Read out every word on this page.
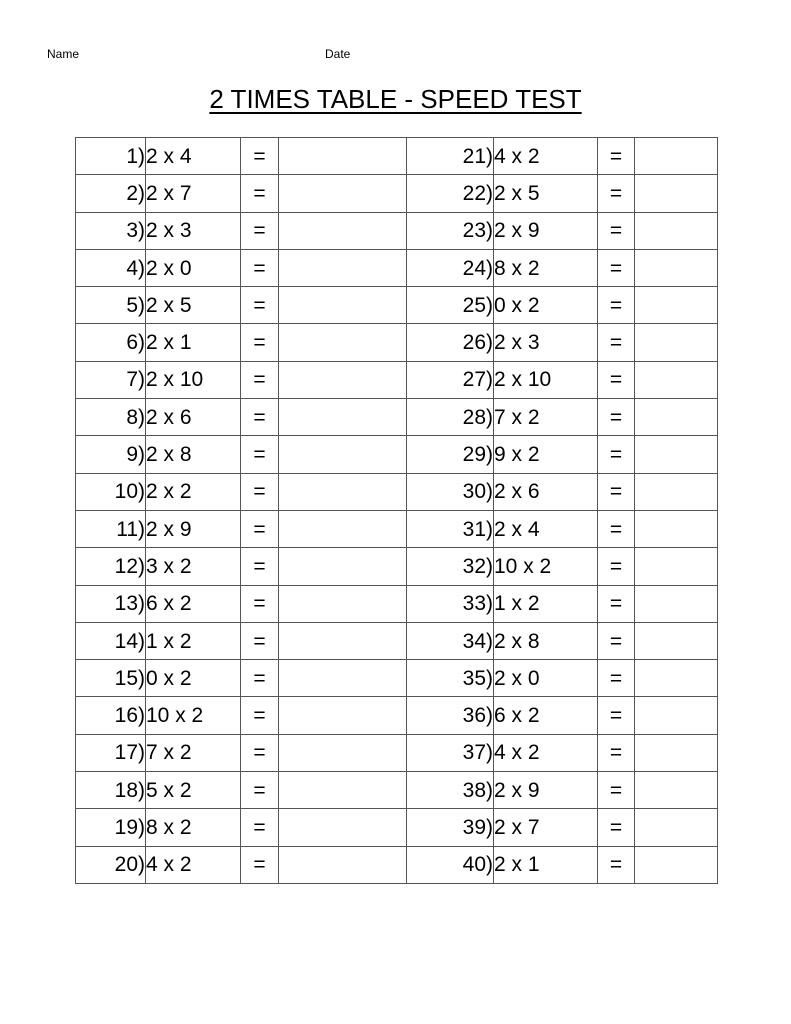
Name	Date
2 TIMES TABLE - SPEED TEST
1)	2 x 4	=		21)	4 x 2	=	
2)	2 x 7	=		22)	2 x 5	=	
3)	2 x 3	=		23)	2 x 9	=	
4)	2 x 0	=		24)	8 x 2	=	
5)	2 x 5	=		25)	0 x 2	=	
6)	2 x 1	=		26)	2 x 3	=	
7)	2 x 10	=		27)	2 x 10	=	
8)	2 x 6	=		28)	7 x 2	=	
9)	2 x 8	=		29)	9 x 2	=	
10)	2 x 2	=		30)	2 x 6	=	
11)	2 x 9	=		31)	2 x 4	=	
12)	3 x 2	=		32)	10 x 2	=	
13)	6 x 2	=		33)	1 x 2	=	
14)	1 x 2	=		34)	2 x 8	=	
15)	0 x 2	=		35)	2 x 0	=	
16)	10 x 2	=		36)	6 x 2	=	
17)	7 x 2	=		37)	4 x 2	=	
18)	5 x 2	=		38)	2 x 9	=	
19)	8 x 2	=		39)	2 x 7	=	
20)	4 x 2	=		40)	2 x 1	=	
